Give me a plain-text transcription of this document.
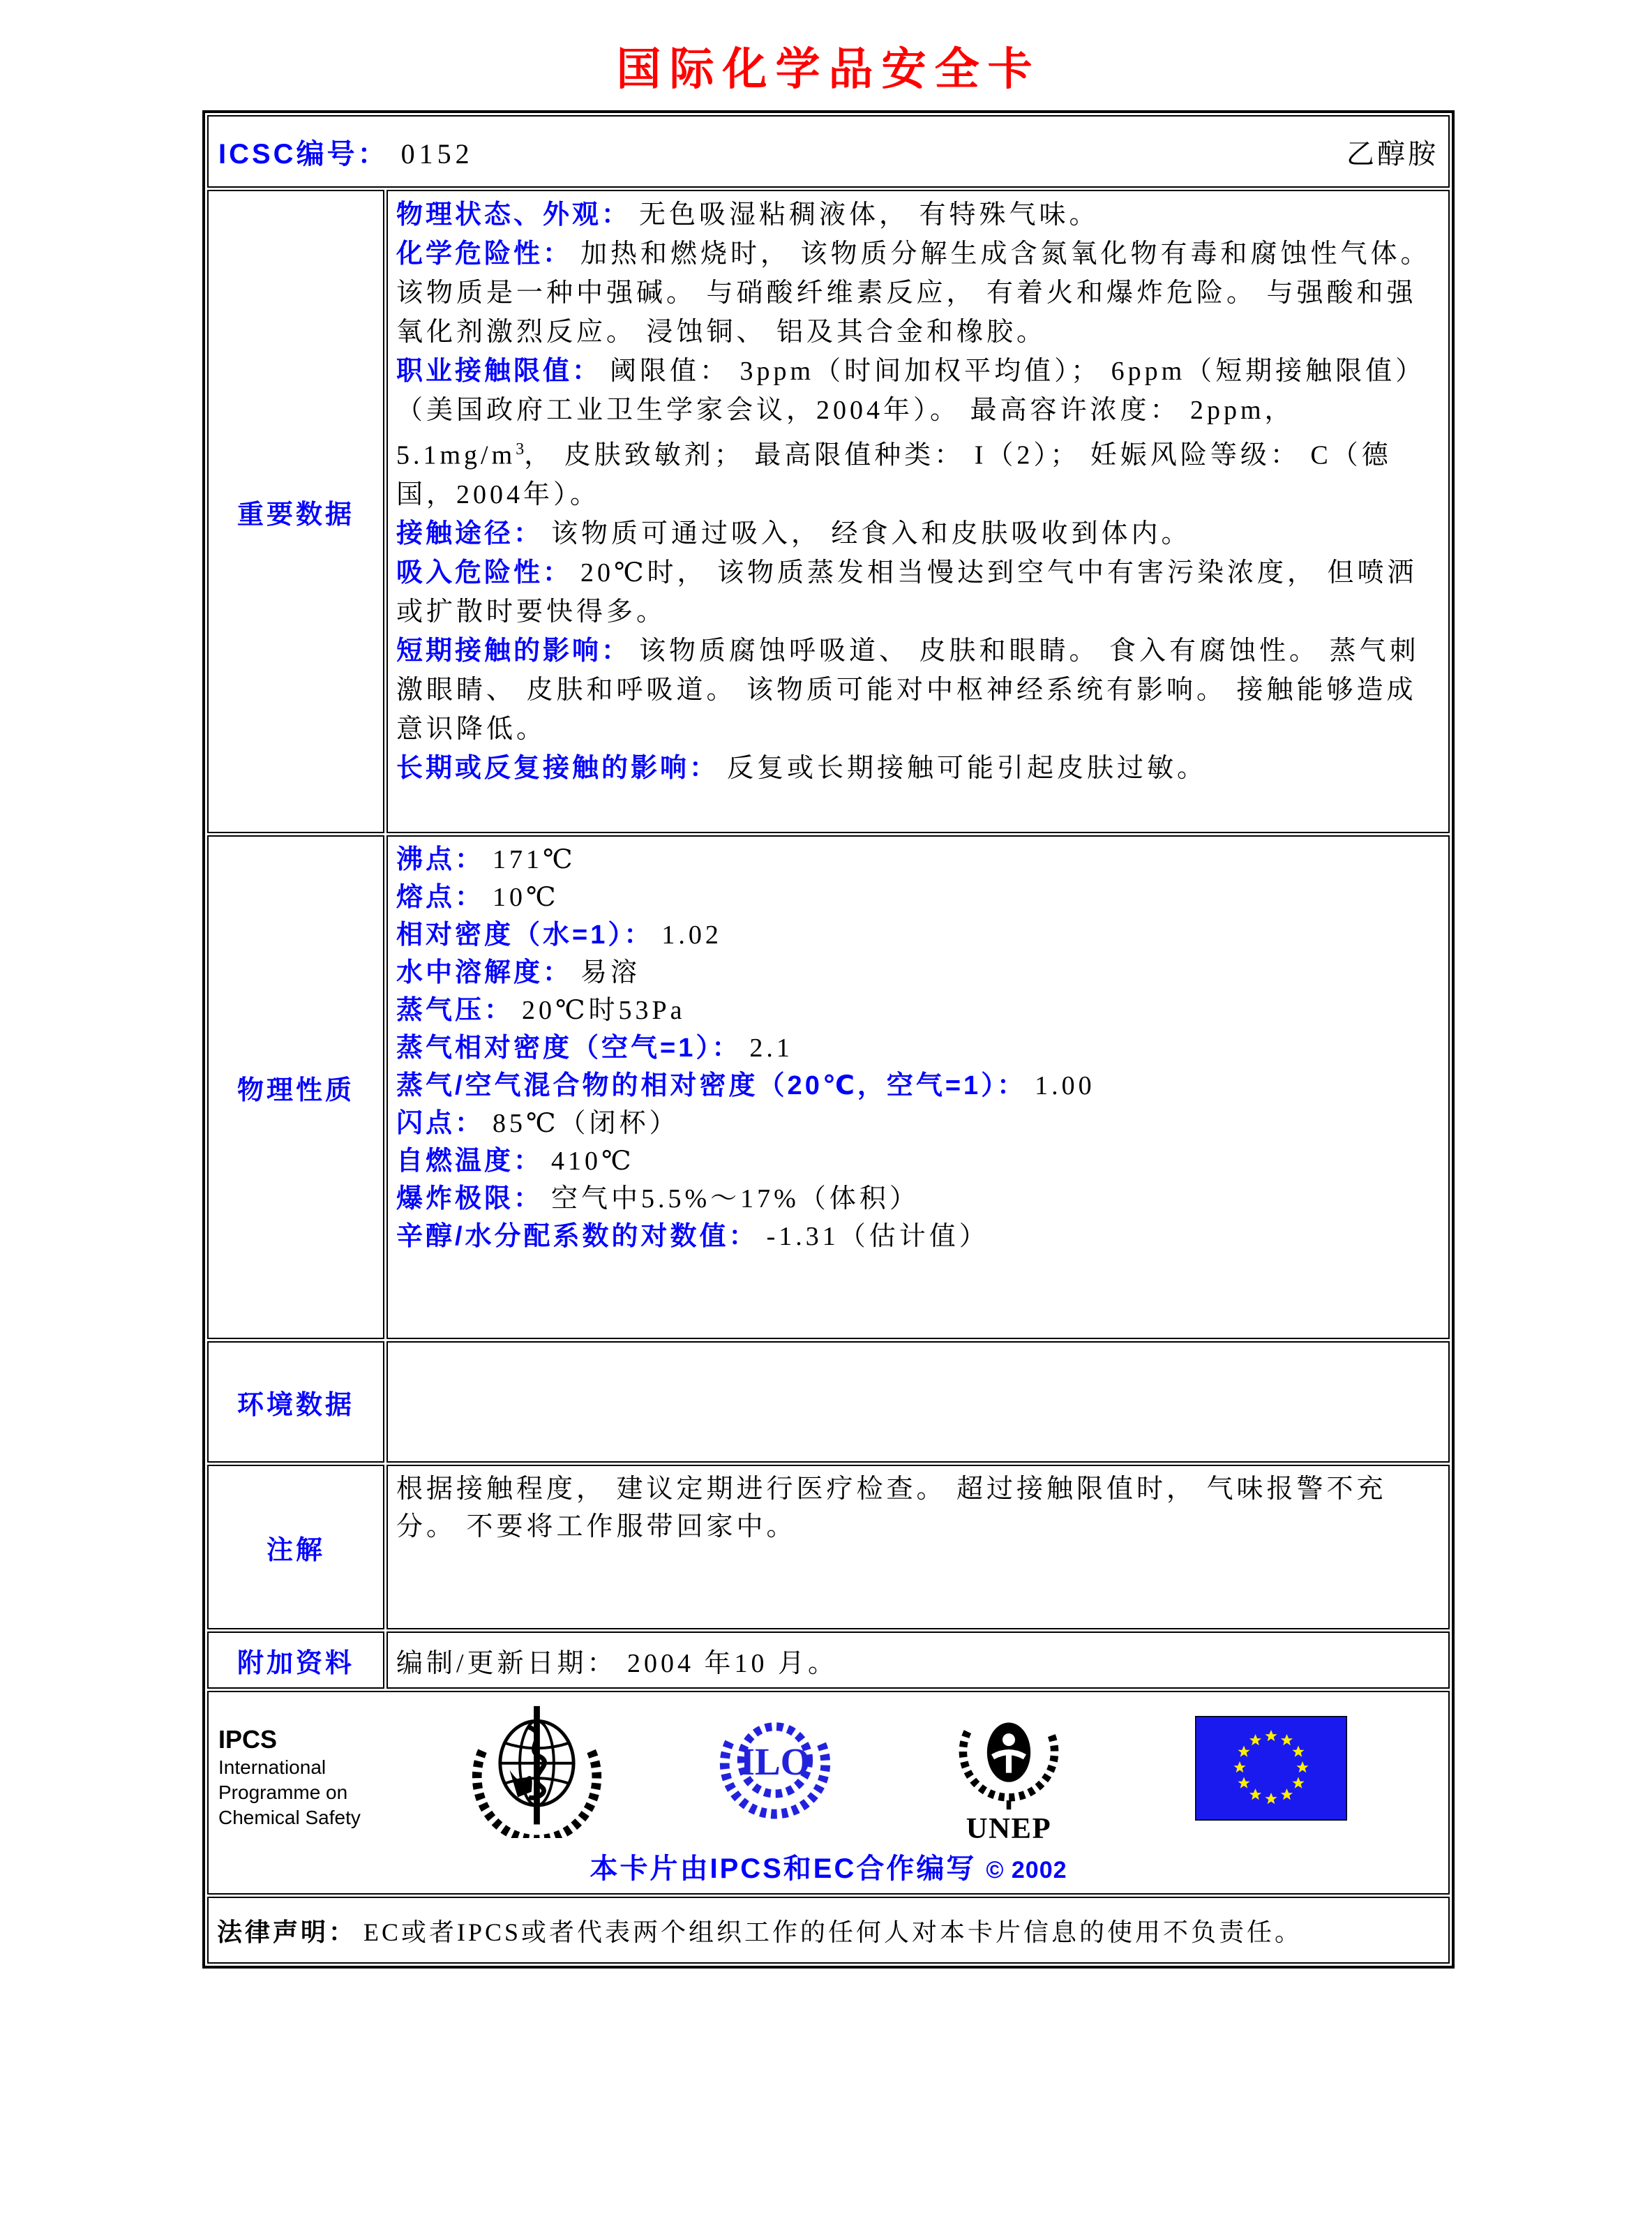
国际化学品安全卡
ICSC编号： 0152	乙醇胺
重要数据

物理状态、外观： 无色吸湿粘稠液体， 有特殊气味。

化学危险性： 加热和燃烧时， 该物质分解生成含氮氧化物有毒和腐蚀性气体。 该物质是一种中强碱。 与硝酸纤维素反应， 有着火和爆炸危险。 与强酸和强氧化剂激烈反应。 浸蚀铜、 铝及其合金和橡胶。

职业接触限值： 阈限值： 3ppm（时间加权平均值）； 6ppm（短期接触限值） （美国政府工业卫生学家会议，2004年）。 最高容许浓度： 2ppm，$5.1mg/m^3$， 皮肤致敏剂； 最高限值种类： I（2）； 妊娠风险等级： C（德国，2004年）。

接触途径： 该物质可通过吸入， 经食入和皮肤吸收到体内。

吸入危险性： 20℃时， 该物质蒸发相当慢达到空气中有害污染浓度， 但喷洒或扩散时要快得多。

短期接触的影响： 该物质腐蚀呼吸道、 皮肤和眼睛。 食入有腐蚀性。 蒸气刺激眼睛、 皮肤和呼吸道。 该物质可能对中枢神经系统有影响。 接触能够造成意识降低。

长期或反复接触的影响： 反复或长期接触可能引起皮肤过敏。

物理性质
沸点： 171℃
熔点： 10℃
相对密度（水=1）： 1.02
水中溶解度： 易溶
蒸气压： 20℃时53Pa
蒸气相对密度（空气=1）： 2.1
蒸气/空气混合物的相对密度（20℃，空气=1）： 1.00
闪点： 85℃（闭杯）
自燃温度： 410℃
爆炸极限： 空气中5.5%～17%（体积）
辛醇/水分配系数的对数值： -1.31（估计值）
环境数据
注解

根据接触程度， 建议定期进行医疗检查。 超过接触限值时， 气味报警不充分。 不要将工作服带回家中。

附加资料	编制/更新日期： 2004 年10 月。
IPCS
International
Programme on
Chemical Safety
ILO
UNEP
本卡片由IPCS和EC合作编写 © 2002
法律声明： EC或者IPCS或者代表两个组织工作的任何人对本卡片信息的使用不负责任。
